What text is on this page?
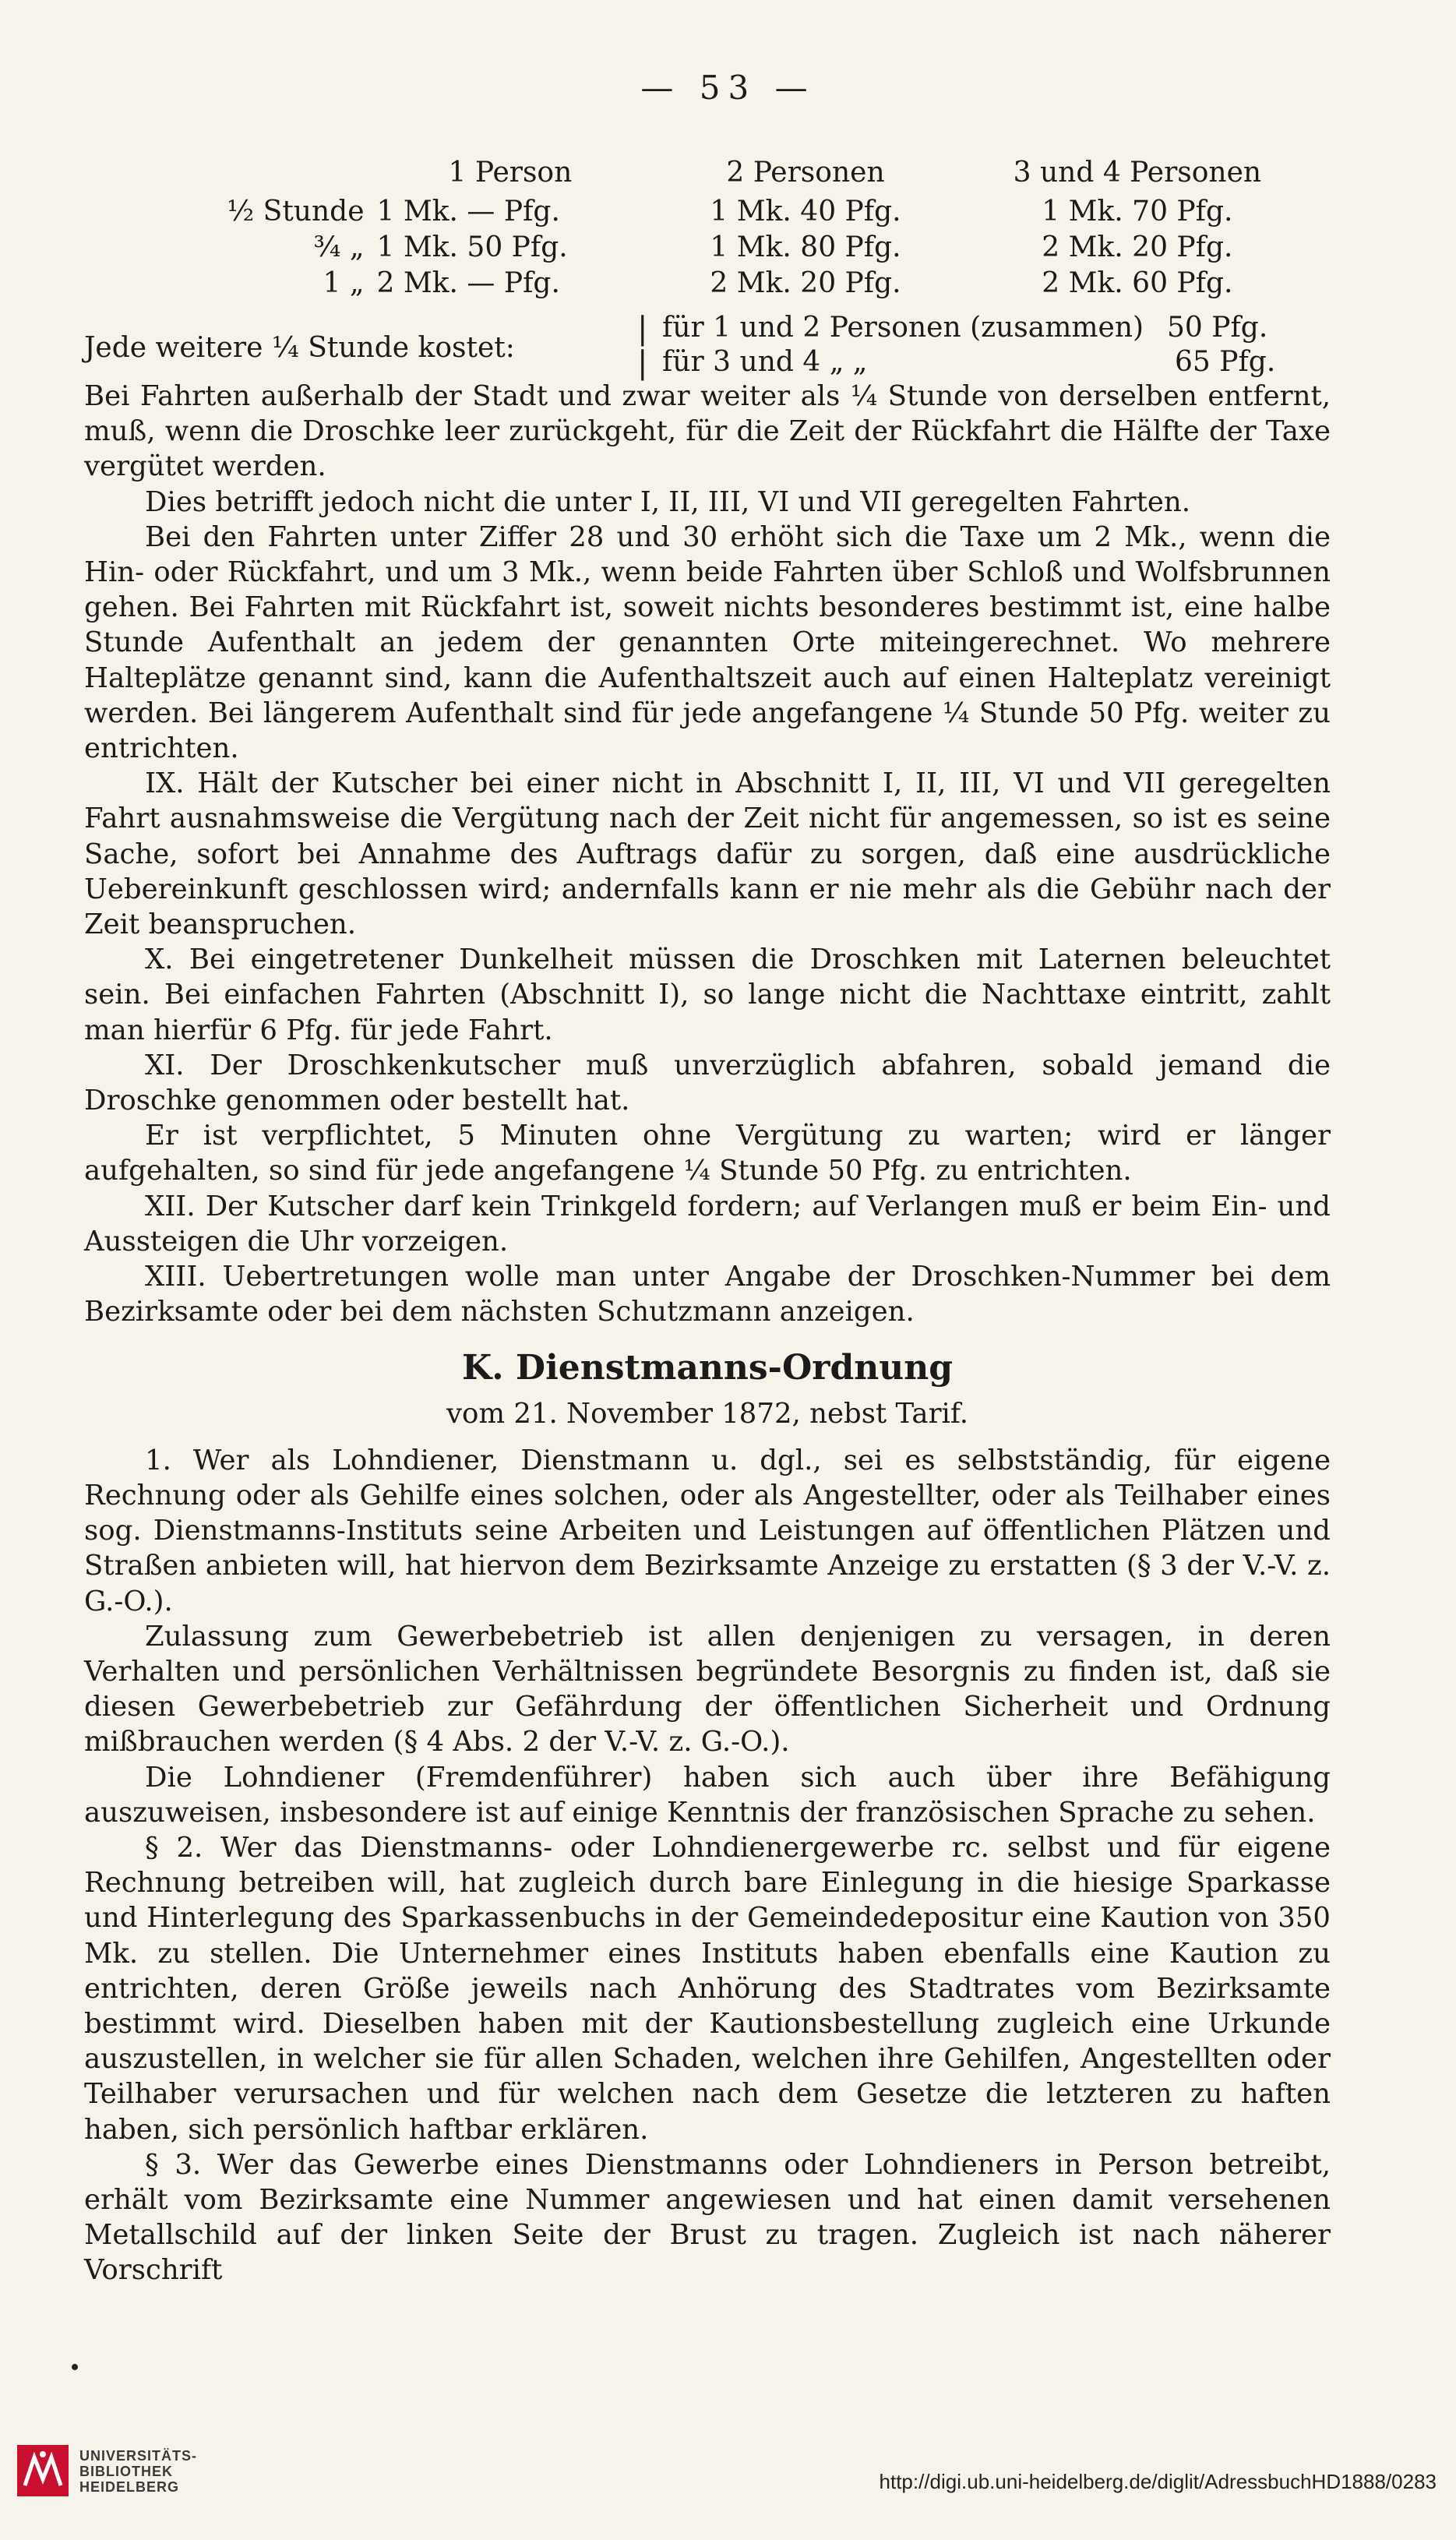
— 53 —
	1 Person	2 Personen	3 und 4 Personen
½ Stunde	1 Mk. — Pfg.	1 Mk. 40 Pfg.	1 Mk. 70 Pfg.
¾ „	1 Mk. 50 Pfg.	1 Mk. 80 Pfg.	2 Mk. 20 Pfg.
1 „	2 Mk. — Pfg.	2 Mk. 20 Pfg.	2 Mk. 60 Pfg.
Jede weitere ¼ Stunde kostet:
|
|
für 1 und 2 Personen (zusammen) 50 Pfg.
für 3 und 4 „ „	65 Pfg.

Bei Fahrten außerhalb der Stadt und zwar weiter als ¼ Stunde von derselben entfernt, muß, wenn die Droschke leer zurückgeht, für die Zeit der Rückfahrt die Hälfte der Taxe vergütet werden.

Dies betrifft jedoch nicht die unter I, II, III, VI und VII geregelten Fahrten.

Bei den Fahrten unter Ziffer 28 und 30 erhöht sich die Taxe um 2 Mk., wenn die Hin- oder Rückfahrt, und um 3 Mk., wenn beide Fahrten über Schloß und Wolfsbrunnen gehen. Bei Fahrten mit Rückfahrt ist, soweit nichts besonderes bestimmt ist, eine halbe Stunde Aufenthalt an jedem der genannten Orte miteingerechnet. Wo mehrere Halteplätze genannt sind, kann die Aufenthaltszeit auch auf einen Halteplatz vereinigt werden. Bei längerem Aufenthalt sind für jede angefangene ¼ Stunde 50 Pfg. weiter zu entrichten.

IX. Hält der Kutscher bei einer nicht in Abschnitt I, II, III, VI und VII geregelten Fahrt ausnahmsweise die Vergütung nach der Zeit nicht für angemessen, so ist es seine Sache, sofort bei Annahme des Auftrags dafür zu sorgen, daß eine ausdrückliche Uebereinkunft geschlossen wird; andernfalls kann er nie mehr als die Gebühr nach der Zeit beanspruchen.

X. Bei eingetretener Dunkelheit müssen die Droschken mit Laternen beleuchtet sein. Bei einfachen Fahrten (Abschnitt I), so lange nicht die Nachttaxe eintritt, zahlt man hierfür 6 Pfg. für jede Fahrt.

XI. Der Droschkenkutscher muß unverzüglich abfahren, sobald jemand die Droschke genommen oder bestellt hat.

Er ist verpflichtet, 5 Minuten ohne Vergütung zu warten; wird er länger aufgehalten, so sind für jede angefangene ¼ Stunde 50 Pfg. zu entrichten.

XII. Der Kutscher darf kein Trinkgeld fordern; auf Verlangen muß er beim Ein- und Aussteigen die Uhr vorzeigen.

XIII. Uebertretungen wolle man unter Angabe der Droschken-Nummer bei dem Bezirksamte oder bei dem nächsten Schutzmann anzeigen.

K. Dienstmanns-Ordnung

vom 21. November 1872, nebst Tarif.

1. Wer als Lohndiener, Dienstmann u. dgl., sei es selbstständig, für eigene Rechnung oder als Gehilfe eines solchen, oder als Angestellter, oder als Teilhaber eines sog. Dienstmanns-Instituts seine Arbeiten und Leistungen auf öffentlichen Plätzen und Straßen anbieten will, hat hiervon dem Bezirksamte Anzeige zu erstatten (§ 3 der V.-V. z. G.-O.).

Zulassung zum Gewerbebetrieb ist allen denjenigen zu versagen, in deren Verhalten und persönlichen Verhältnissen begründete Besorgnis zu finden ist, daß sie diesen Gewerbebetrieb zur Gefährdung der öffentlichen Sicherheit und Ordnung mißbrauchen werden (§ 4 Abs. 2 der V.-V. z. G.-O.).

Die Lohndiener (Fremdenführer) haben sich auch über ihre Befähigung auszuweisen, insbesondere ist auf einige Kenntnis der französischen Sprache zu sehen.

§ 2. Wer das Dienstmanns- oder Lohndienergewerbe rc. selbst und für eigene Rechnung betreiben will, hat zugleich durch bare Einlegung in die hiesige Sparkasse und Hinterlegung des Sparkassenbuchs in der Gemeindedepositur eine Kaution von 350 Mk. zu stellen. Die Unternehmer eines Instituts haben ebenfalls eine Kaution zu entrichten, deren Größe jeweils nach Anhörung des Stadtrates vom Bezirksamte bestimmt wird. Dieselben haben mit der Kautionsbestellung zugleich eine Urkunde auszustellen, in welcher sie für allen Schaden, welchen ihre Gehilfen, Angestellten oder Teilhaber verursachen und für welchen nach dem Gesetze die letzteren zu haften haben, sich persönlich haftbar erklären.

§ 3. Wer das Gewerbe eines Dienstmanns oder Lohndieners in Person betreibt, erhält vom Bezirksamte eine Nummer angewiesen und hat einen damit versehenen Metallschild auf der linken Seite der Brust zu tragen. Zugleich ist nach näherer Vorschrift

UNIVERSITÄTS-
BIBLIOTHEK
HEIDELBERG	http://digi.ub.uni-heidelberg.de/diglit/AdressbuchHD1888/0283
